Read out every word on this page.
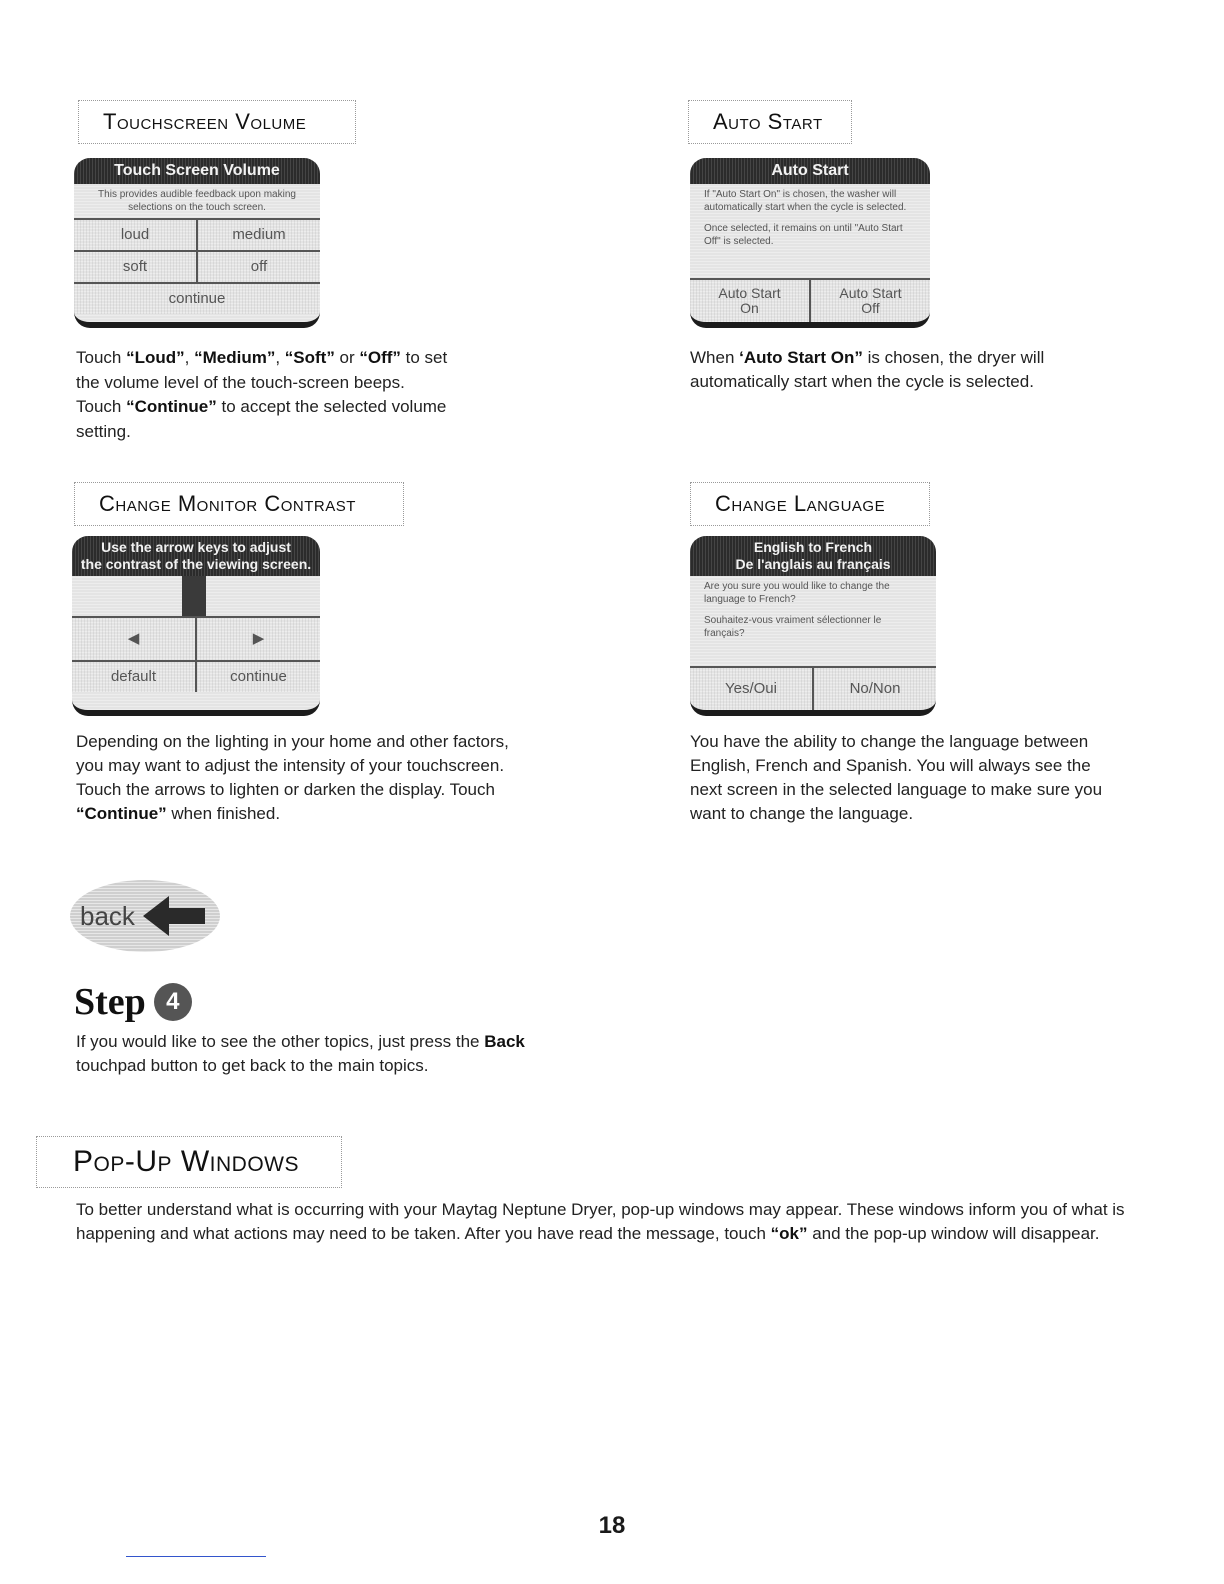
Touchscreen Volume
Touch Screen Volume
This provides audible feedback upon making selections on the touch screen.
loud	medium
soft	off
continue

Touch “Loud”, “Medium”, “Soft” or “Off” to set the volume level of the touch-screen beeps. Touch “Continue” to accept the selected volume setting.

Auto Start
Auto Start
If "Auto Start On" is chosen, the washer will automatically start when the cycle is selected.
Once selected, it remains on until "Auto Start Off" is selected.
Auto Start
On
Auto Start
Off

When ‘Auto Start On” is chosen, the dryer will automatically start when the cycle is selected.

Change Monitor Contrast
Use the arrow keys to adjust
the contrast of the viewing screen.
◀	▶
default	continue

Depending on the lighting in your home and other factors, you may want to adjust the intensity of your touchscreen. Touch the arrows to lighten or darken the display. Touch “Continue” when finished.

Change Language
English to French
De l'anglais au français
Are you sure you would like to change the language to French?
Souhaitez-vous vraiment sélectionner le français?
Yes/Oui	No/Non

You have the ability to change the language between English, French and Spanish. You will always see the next screen in the selected language to make sure you want to change the language.

back
Step 4

If you would like to see the other topics, just press the Back touchpad button to get back to the main topics.

Pop-Up Windows

To better understand what is occurring with your Maytag Neptune Dryer, pop-up windows may appear. These windows inform you of what is happening and what actions may need to be taken. After you have read the message, touch “ok” and the pop-up window will disappear.

18
